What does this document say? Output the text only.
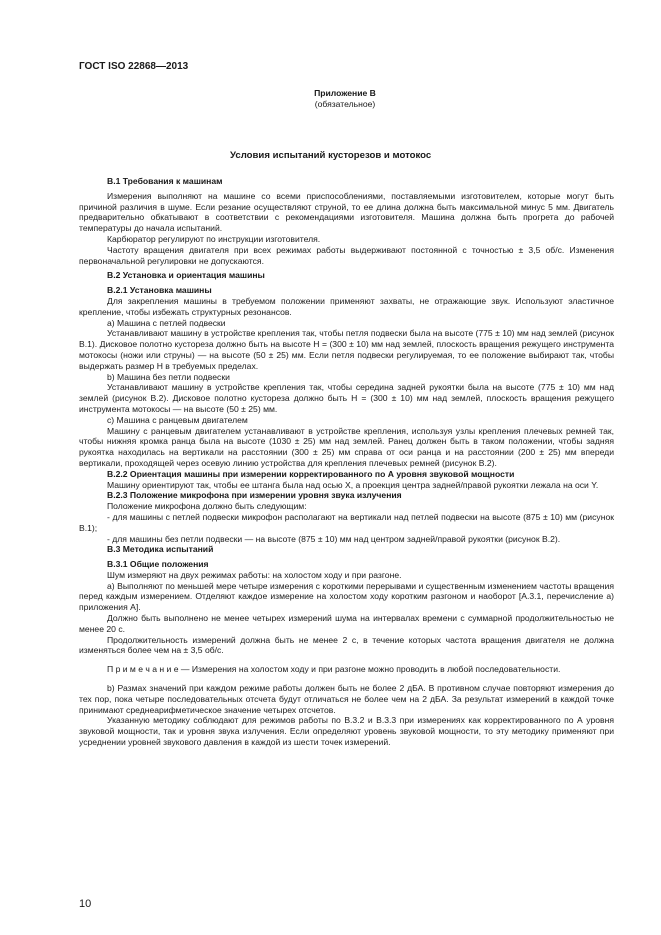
ГОСТ ISO 22868—2013
Приложение В
(обязательное)
Условия испытаний кусторезов и мотокос
В.1 Требования к машинам
Измерения выполняют на машине со всеми приспособлениями, поставляемыми изготовителем, которые могут быть причиной различия в шуме. Если резание осуществляют струной, то ее длина должна быть максимальной минус 5 мм. Двигатель предварительно обкатывают в соответствии с рекомендациями изготовителя. Машина должна быть прогрета до рабочей температуры до начала испытаний.
Карбюратор регулируют по инструкции изготовителя.
Частоту вращения двигателя при всех режимах работы выдерживают постоянной с точностью ± 3,5 об/с. Изменения первоначальной регулировки не допускаются.
В.2 Установка и ориентация машины
В.2.1 Установка машины
Для закрепления машины в требуемом положении применяют захваты, не отражающие звук. Используют эластичное крепление, чтобы избежать структурных резонансов.
а) Машина с петлей подвески
Устанавливают машину в устройстве крепления так, чтобы петля подвески была на высоте (775 ± 10) мм над землей (рисунок В.1). Дисковое полотно кустореза должно быть на высоте H = (300 ± 10) мм над землей, плоскость вращения режущего инструмента мотокосы (ножи или струны) — на высоте (50 ± 25) мм. Если петля подвески регулируемая, то ее положение выбирают так, чтобы выдержать размер H в требуемых пределах.
b) Машина без петли подвески
Устанавливают машину в устройстве крепления так, чтобы середина задней рукоятки была на высоте (775 ± 10) мм над землей (рисунок В.2). Дисковое полотно кустореза должно быть H = (300 ± 10) мм над землей, плоскость вращения режущего инструмента мотокосы — на высоте (50 ± 25) мм.
с) Машина с ранцевым двигателем
Машину с ранцевым двигателем устанавливают в устройстве крепления, используя узлы крепления плечевых ремней так, чтобы нижняя кромка ранца была на высоте (1030 ± 25) мм над землей. Ранец должен быть в таком положении, чтобы задняя рукоятка находилась на вертикали на расстоянии (300 ± 25) мм справа от оси ранца и на расстоянии (200 ± 25) мм впереди вертикали, проходящей через осевую линию устройства для крепления плечевых ремней (рисунок В.2).
В.2.2 Ориентация машины при измерении корректированного по А уровня звуковой мощности
Машину ориентируют так, чтобы ее штанга была над осью X, а проекция центра задней/правой рукоятки лежала на оси Y.
В.2.3 Положение микрофона при измерении уровня звука излучения
Положение микрофона должно быть следующим:
- для машины с петлей подвески микрофон располагают на вертикали над петлей подвески на высоте (875 ± 10) мм (рисунок В.1);
- для машины без петли подвески — на высоте (875 ± 10) мм над центром задней/правой рукоятки (рисунок В.2).
В.3 Методика испытаний
В.3.1 Общие положения
Шум измеряют на двух режимах работы: на холостом ходу и при разгоне.
а) Выполняют по меньшей мере четыре измерения с короткими перерывами и существенным изменением частоты вращения перед каждым измерением. Отделяют каждое измерение на холостом ходу коротким разгоном и наоборот [А.3.1, перечисление а) приложения А].
Должно быть выполнено не менее четырех измерений шума на интервалах времени с суммарной продолжительностью не менее 20 с.
Продолжительность измерений должна быть не менее 2 с, в течение которых частота вращения двигателя не должна изменяться более чем на ± 3,5 об/с.
П р и м е ч а н и е — Измерения на холостом ходу и при разгоне можно проводить в любой последовательности.
b) Размах значений при каждом режиме работы должен быть не более 2 дБА. В противном случае повторяют измерения до тех пор, пока четыре последовательных отсчета будут отличаться не более чем на 2 дБА. За результат измерений в каждой точке принимают среднеарифметическое значение четырех отсчетов.
Указанную методику соблюдают для режимов работы по В.3.2 и В.3.3 при измерениях как корректированного по А уровня звуковой мощности, так и уровня звука излучения. Если определяют уровень звуковой мощности, то эту методику применяют при усреднении уровней звукового давления в каждой из шести точек измерений.
10
